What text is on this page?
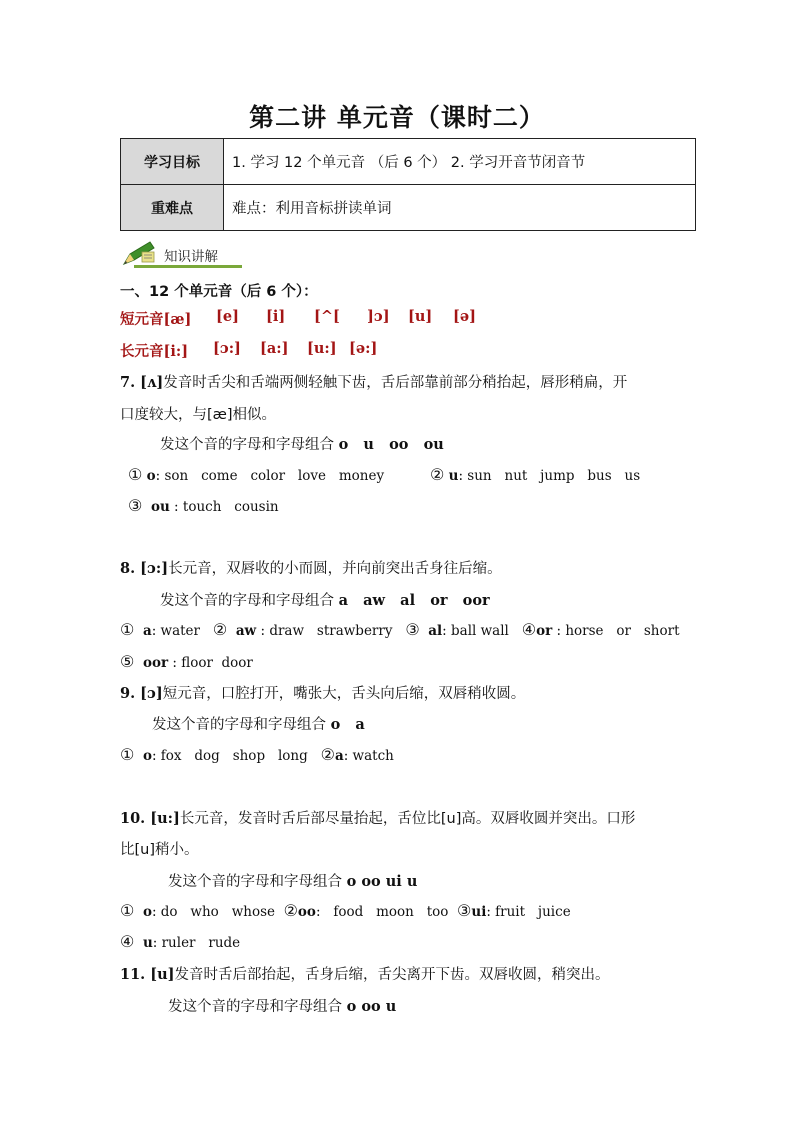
第二讲 单元音（课时二）
学习目标	1. 学习 12 个单元音 （后 6 个） 2. 学习开音节闭音节
重难点	难点：利用音标拼读单词
知识讲解
一、12 个单元音（后 6 个）：
短元音[æ] [e] [i] [^[ ]ɔ] [u] [ə]
长元音[i:] [ɔ:] [a:] [u:] [ə:]
7. [ʌ]发音时舌尖和舌端两侧轻触下齿，舌后部靠前部分稍抬起，唇形稍扁，开
口度较大，与[æ]相似。
发这个音的字母和字母组合 o   u   oo   ou
① o: son   come   color   love   money	② u: sun   nut   jump   bus   us
③ ou : touch   cousin
8. [ɔ:]长元音，双唇收的小而圆，并向前突出舌身往后缩。
发这个音的字母和字母组合 a   aw   al   or   oor
① a: water ② aw : draw   strawberry ③ al: ball wall ④or : horse   or   short
⑤ oor : floor  door
9. [ɔ]短元音，口腔打开，嘴张大，舌头向后缩，双唇稍收圆。
发这个音的字母和字母组合 o   a
① o: fox   dog   shop   long ②a: watch
10. [u:]长元音，发音时舌后部尽量抬起，舌位比[u]高。双唇收圆并突出。口形
比[u]稍小。
发这个音的字母和字母组合 o oo ui u
① o: do   who   whose ②oo:   food   moon   too ③ui: fruit   juice
④ u: ruler   rude
11. [u]发音时舌后部抬起，舌身后缩，舌尖离开下齿。双唇收圆，稍突出。
发这个音的字母和字母组合 o oo u
